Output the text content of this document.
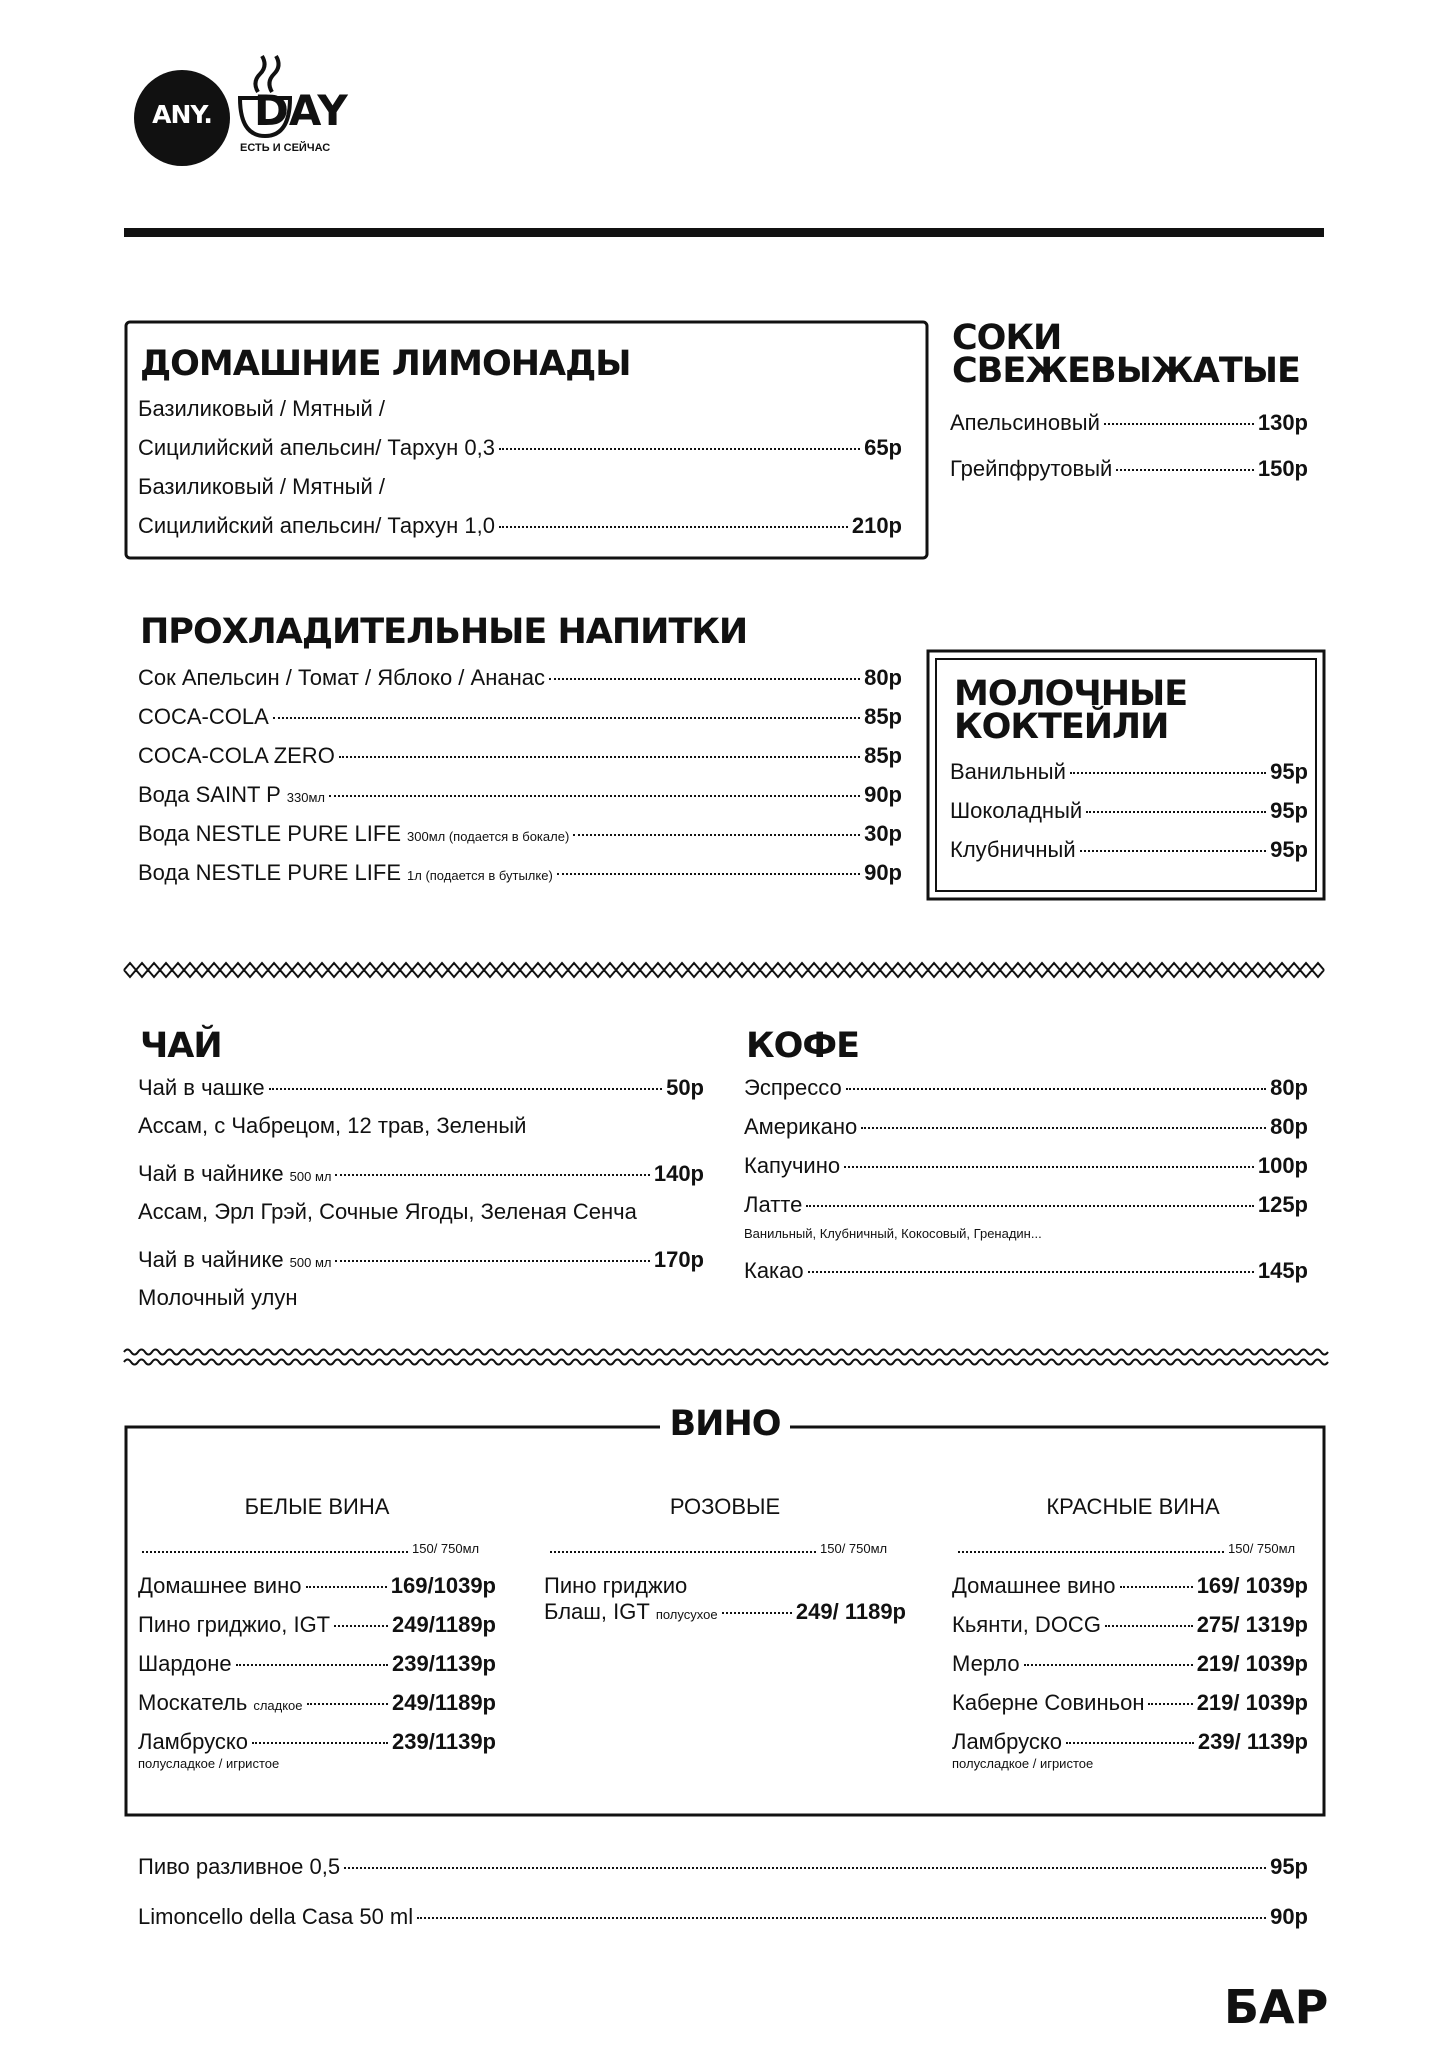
ANY.	DAY
ЕСТЬ И СЕЙЧАС
ДОМАШНИЕ ЛИМОНАДЫ
Базиликовый / Мятный /
Сицилийский апельсин/ Тархун 0,3	65р
Базиликовый / Мятный /
Сицилийский апельсин/ Тархун 1,0	210р
СОКИ
СВЕЖЕВЫЖАТЫЕ
Апельсиновый	130р
Грейпфрутовый	150р
ПРОХЛАДИТЕЛЬНЫЕ НАПИТКИ
Сок Апельсин / Томат / Яблоко / Ананас	80р
COCA-COLA	85р
COCA-COLA ZERO	85р
Вода SAINT P 330мл	90р
Вода NESTLE PURE LIFE 300мл (подается в бокале)	30р
Вода NESTLE PURE LIFE 1л (подается в бутылке)	90р
МОЛОЧНЫЕ
КОКТЕЙЛИ
Ванильный	95р
Шоколадный	95р
Клубничный	95р
ЧАЙ
Чай в чашке	50р
Ассам, с Чабрецом, 12 трав, Зеленый
Чай в чайнике 500 мл	140р
Ассам, Эрл Грэй, Сочные Ягоды, Зеленая Сенча
Чай в чайнике 500 мл	170р
Молочный улун
КОФЕ
Эспрессо	80р
Американо	80р
Капучино	100р
Латте	125р
Какао	145р
Ванильный, Клубничный, Кокосовый, Гренадин...
ВИНО
БЕЛЫЕ ВИНА	РОЗОВЫЕ	КРАСНЫЕ ВИНА
150/ 750мл	150/ 750мл	150/ 750мл
Домашнее вино	169/1039р
Пино гриджио, IGT	249/1189р
Шардоне	239/1139р
Москатель сладкое	249/1189р
Ламбруско	239/1139р
полусладкое / игристое
Пино гриджио
Блаш, IGT полусухое	249/ 1189р
Домашнее вино	169/ 1039р
Кьянти, DOCG	275/ 1319р
Мерло	219/ 1039р
Каберне Совиньон 219/ 1039р
Ламбруско	239/ 1139р
полусладкое / игристое
Пиво разливное 0,5	95р
Limoncello della Casa 50 ml	90р
БАР
